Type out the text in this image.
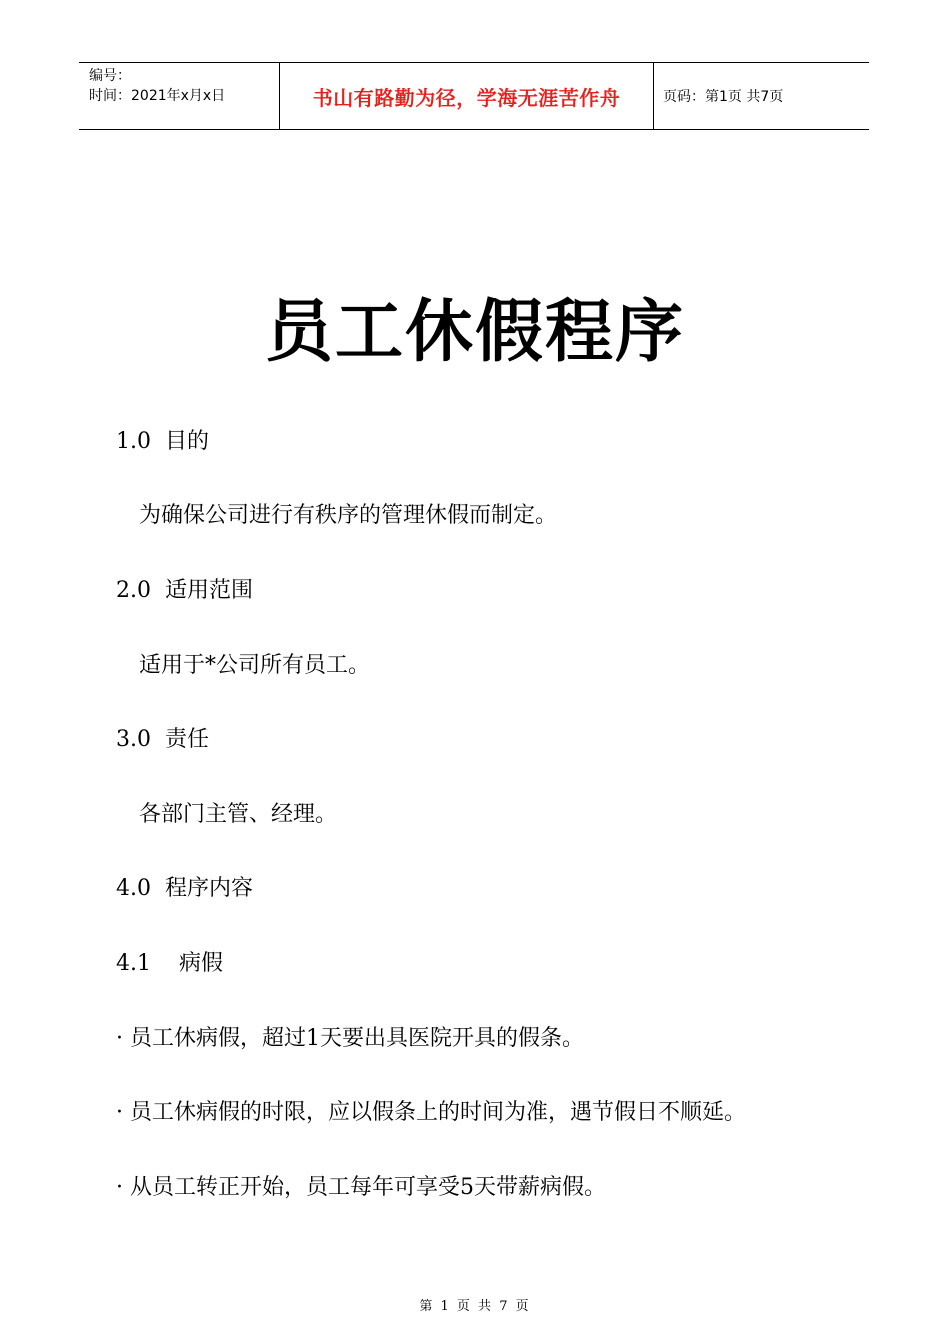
编号：
时间：2021年x月x日	书山有路勤为径，学海无涯苦作舟	页码：第1页 共7页
员工休假程序
1.0 目的
为确保公司进行有秩序的管理休假而制定。
2.0 适用范围
适用于*公司所有员工。
3.0 责任
各部门主管、经理。
4.0 程序内容
4.1 病假
· 员工休病假，超过1天要出具医院开具的假条。
· 员工休病假的时限，应以假条上的时间为准，遇节假日不顺延。
· 从员工转正开始，员工每年可享受5天带薪病假。
第 1 页 共 7 页
